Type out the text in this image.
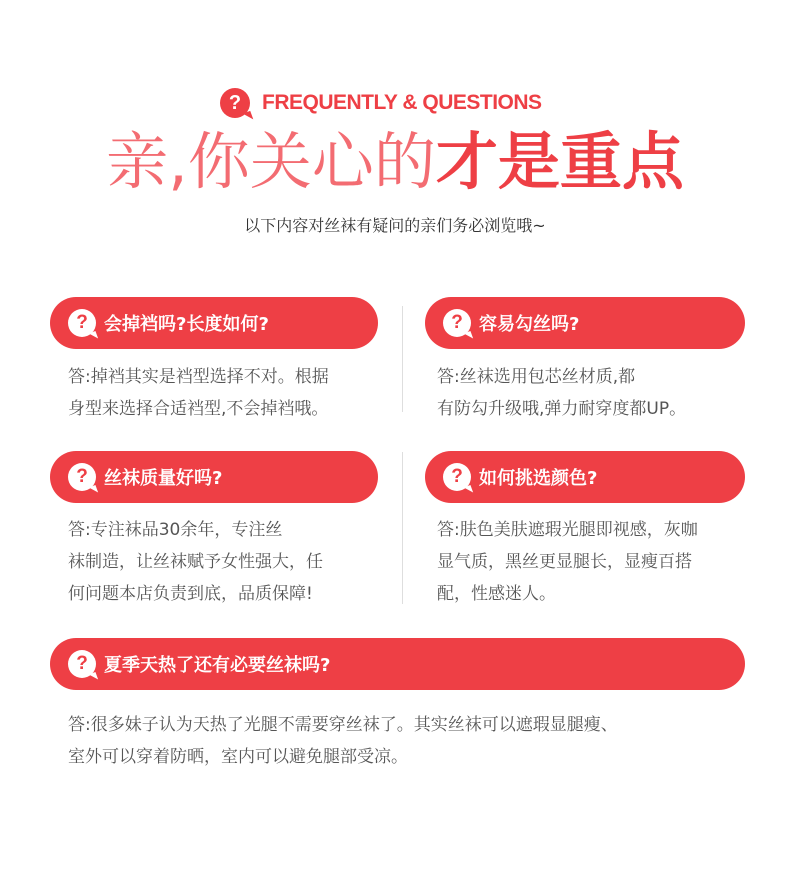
? FREQUENTLY & QUESTIONS
亲,你关心的才是重点
以下内容对丝袜有疑问的亲们务必浏览哦~
? 会掉裆吗?长度如何?
答:掉裆其实是裆型选择不对。根据
身型来选择合适裆型,不会掉裆哦。
? 容易勾丝吗?
答:丝袜选用包芯丝材质,都
有防勾升级哦,弹力耐穿度都UP。
? 丝袜质量好吗?
答:专注袜品30余年，专注丝
袜制造，让丝袜赋予女性强大，任
何问题本店负责到底，品质保障!
? 如何挑选颜色?
答:肤色美肤遮瑕光腿即视感，灰咖
显气质，黑丝更显腿长，显瘦百搭
配，性感迷人。
? 夏季天热了还有必要丝袜吗?
答:很多妹子认为天热了光腿不需要穿丝袜了。其实丝袜可以遮瑕显腿瘦、
室外可以穿着防晒，室内可以避免腿部受凉。
